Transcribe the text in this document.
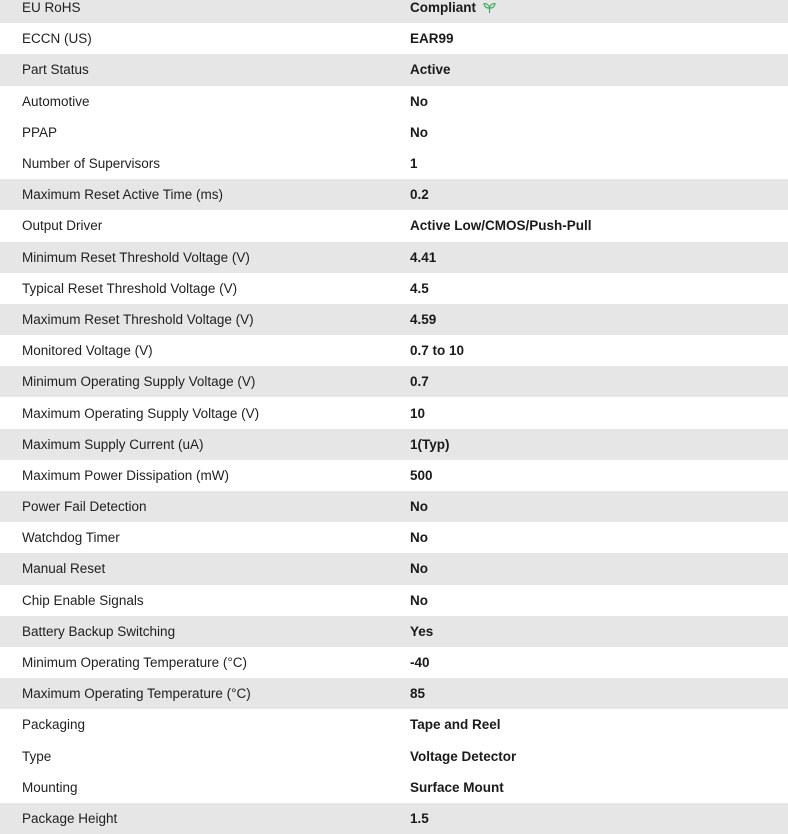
EU RoHS	Compliant
ECCN (US)	EAR99
Part Status	Active
Automotive	No
PPAP	No
Number of Supervisors	1
Maximum Reset Active Time (ms)	0.2
Output Driver	Active Low/CMOS/Push-Pull
Minimum Reset Threshold Voltage (V)	4.41
Typical Reset Threshold Voltage (V)	4.5
Maximum Reset Threshold Voltage (V)	4.59
Monitored Voltage (V)	0.7 to 10
Minimum Operating Supply Voltage (V)	0.7
Maximum Operating Supply Voltage (V)	10
Maximum Supply Current (uA)	1(Typ)
Maximum Power Dissipation (mW)	500
Power Fail Detection	No
Watchdog Timer	No
Manual Reset	No
Chip Enable Signals	No
Battery Backup Switching	Yes
Minimum Operating Temperature (°C)	-40
Maximum Operating Temperature (°C)	85
Packaging	Tape and Reel
Type	Voltage Detector
Mounting	Surface Mount
Package Height	1.5
